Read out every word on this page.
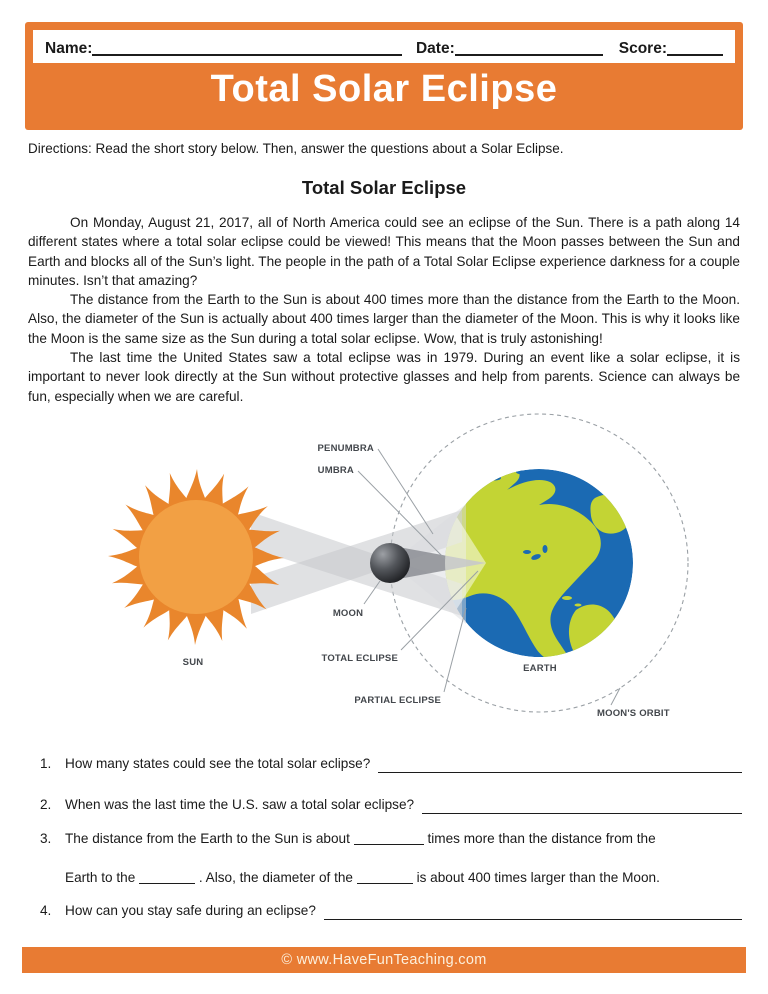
Name:	Date:	Score:
Total Solar Eclipse
Directions: Read the short story below. Then, answer the questions about a Solar Eclipse.
Total Solar Eclipse

On Monday, August 21, 2017, all of North America could see an eclipse of the Sun. There is a path along 14 different states where a total solar eclipse could be viewed! This means that the Moon passes between the Sun and Earth and blocks all of the Sun’s light. The people in the path of a Total Solar Eclipse experience darkness for a couple minutes. Isn’t that amazing?

The distance from the Earth to the Sun is about 400 times more than the distance from the Earth to the Moon. Also, the diameter of the Sun is actually about 400 times larger than the diameter of the Moon. This is why it looks like the Moon is the same size as the Sun during a total solar eclipse. Wow, that is truly astonishing!

The last time the United States saw a total eclipse was in 1979. During an event like a solar eclipse, it is important to never look directly at the Sun without protective glasses and help from parents. Science can always be fun, especially when we are careful.

PENUMBRA
UMBRA
MOON
TOTAL ECLIPSE
PARTIAL ECLIPSE
SUN
EARTH
MOON'S ORBIT
1.	How many states could see the total solar eclipse?
2.	When was the last time the U.S. saw a total solar eclipse?
3.	The distance from the Earth to the Sun is about	times more than the distance from the
Earth to the	. Also, the diameter of the	is about 400 times larger than the Moon.
4.	How can you stay safe during an eclipse?
© www.HaveFunTeaching.com
